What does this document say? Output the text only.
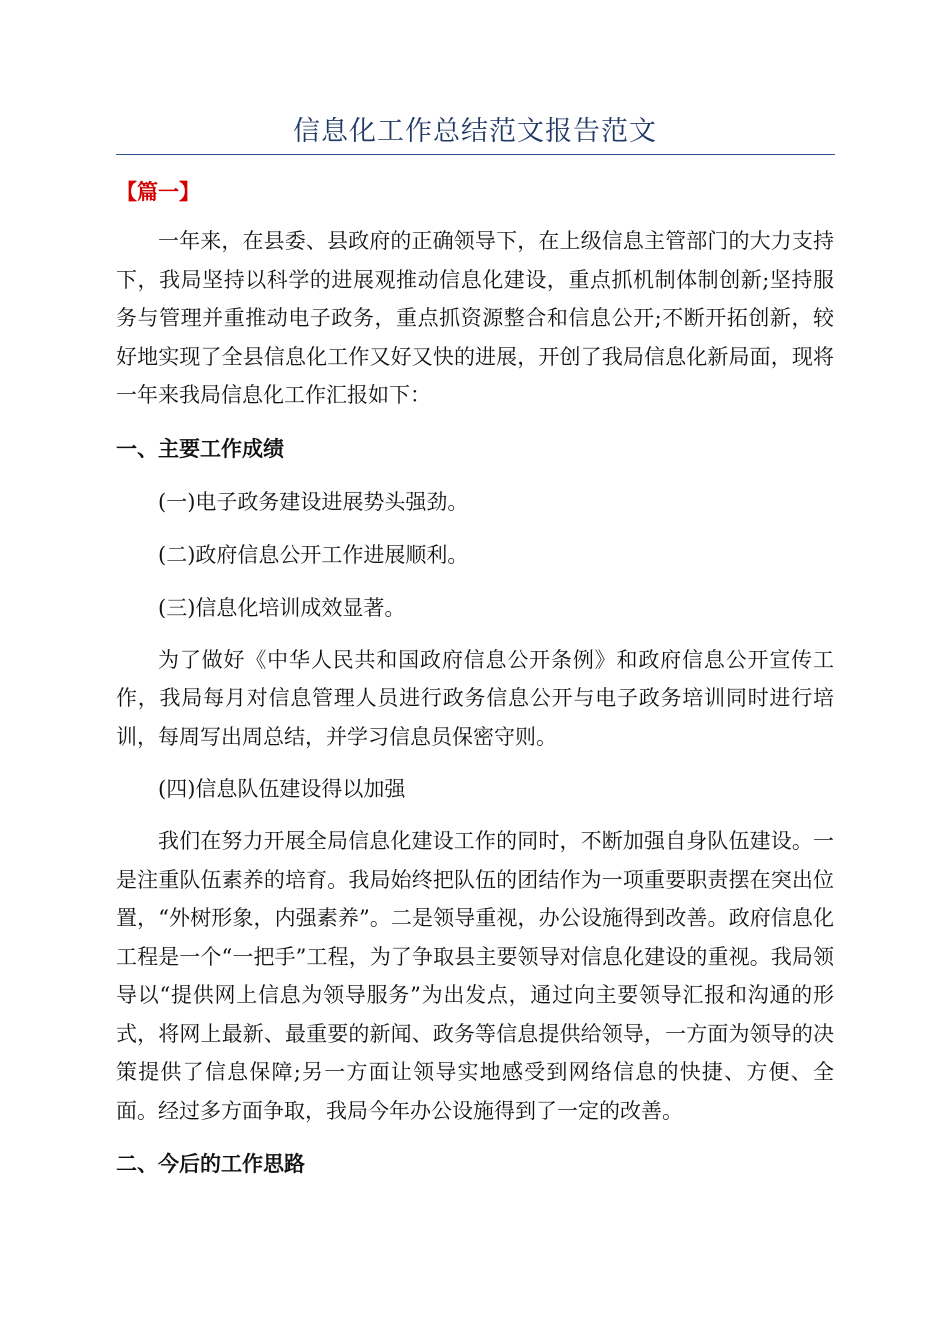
信息化工作总结范文报告范文
【篇一】

一年来，在县委、县政府的正确领导下，在上级信息主管部门的大力支持下，我局坚持以科学的进展观推动信息化建设，重点抓机制体制创新;坚持服务与管理并重推动电子政务，重点抓资源整合和信息公开;不断开拓创新，较好地实现了全县信息化工作又好又快的进展，开创了我局信息化新局面，现将一年来我局信息化工作汇报如下：

一、主要工作成绩

(一)电子政务建设进展势头强劲。

(二)政府信息公开工作进展顺利。

(三)信息化培训成效显著。

为了做好《中华人民共和国政府信息公开条例》和政府信息公开宣传工作，我局每月对信息管理人员进行政务信息公开与电子政务培训同时进行培训，每周写出周总结，并学习信息员保密守则。

(四)信息队伍建设得以加强

我们在努力开展全局信息化建设工作的同时，不断加强自身队伍建设。一是注重队伍素养的培育。我局始终把队伍的团结作为一项重要职责摆在突出位置，“外树形象，内强素养”。二是领导重视，办公设施得到改善。政府信息化工程是一个“一把手”工程，为了争取县主要领导对信息化建设的重视。我局领导以“提供网上信息为领导服务”为出发点，通过向主要领导汇报和沟通的形式，将网上最新、最重要的新闻、政务等信息提供给领导，一方面为领导的决策提供了信息保障;另一方面让领导实地感受到网络信息的快捷、方便、全面。经过多方面争取，我局今年办公设施得到了一定的改善。

二、今后的工作思路
